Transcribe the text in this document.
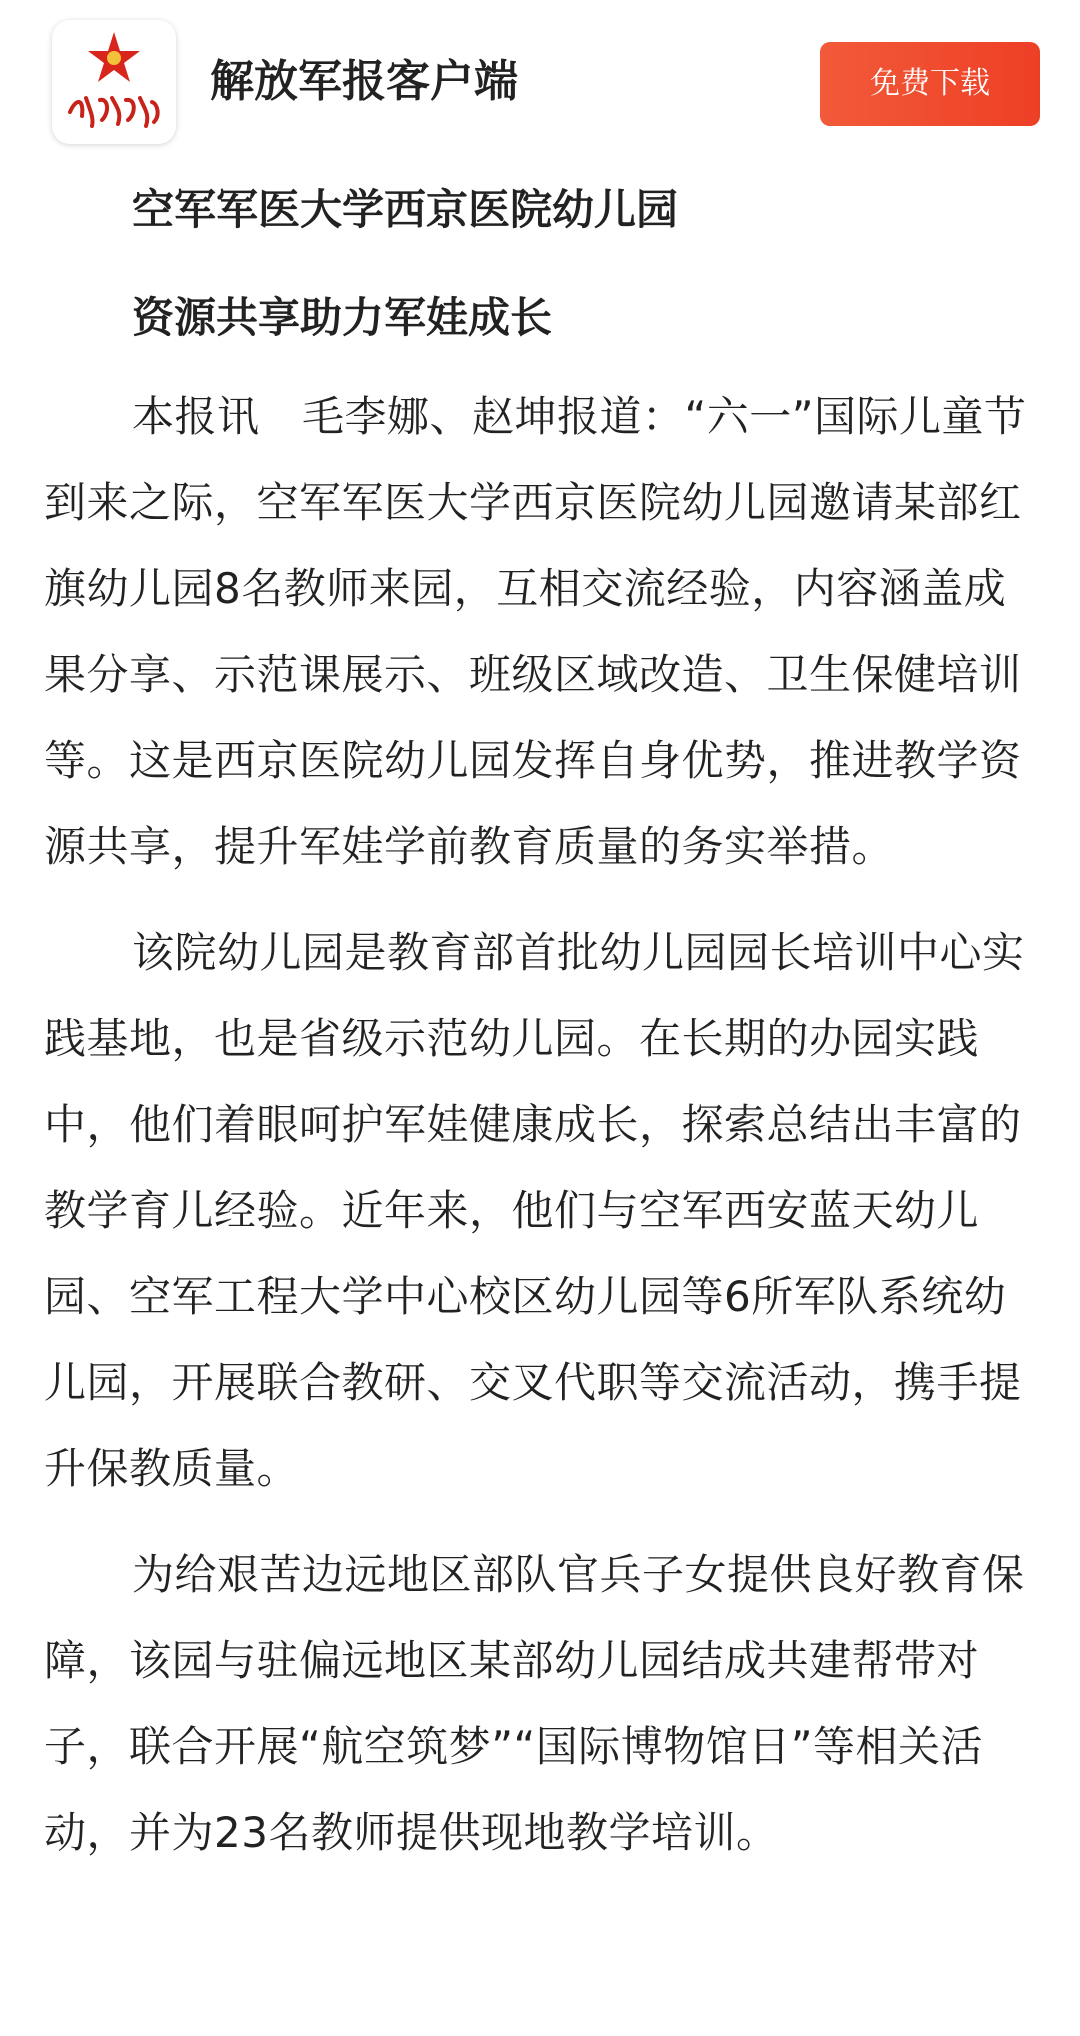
解放军报客户端	免费下载
空军军医大学西京医院幼儿园
资源共享助力军娃成长

本报讯　毛李娜、赵坤报道：“六一”国际儿童节到来之际，空军军医大学西京医院幼儿园邀请某部红旗幼儿园8名教师来园，互相交流经验，内容涵盖成果分享、示范课展示、班级区域改造、卫生保健培训等。这是西京医院幼儿园发挥自身优势，推进教学资源共享，提升军娃学前教育质量的务实举措。

该院幼儿园是教育部首批幼儿园园长培训中心实践基地，也是省级示范幼儿园。在长期的办园实践中，他们着眼呵护军娃健康成长，探索总结出丰富的教学育儿经验。近年来，他们与空军西安蓝天幼儿园、空军工程大学中心校区幼儿园等6所军队系统幼儿园，开展联合教研、交叉代职等交流活动，携手提升保教质量。

为给艰苦边远地区部队官兵子女提供良好教育保障，该园与驻偏远地区某部幼儿园结成共建帮带对子，联合开展“航空筑梦”“国际博物馆日”等相关活动，并为23名教师提供现地教学培训。
